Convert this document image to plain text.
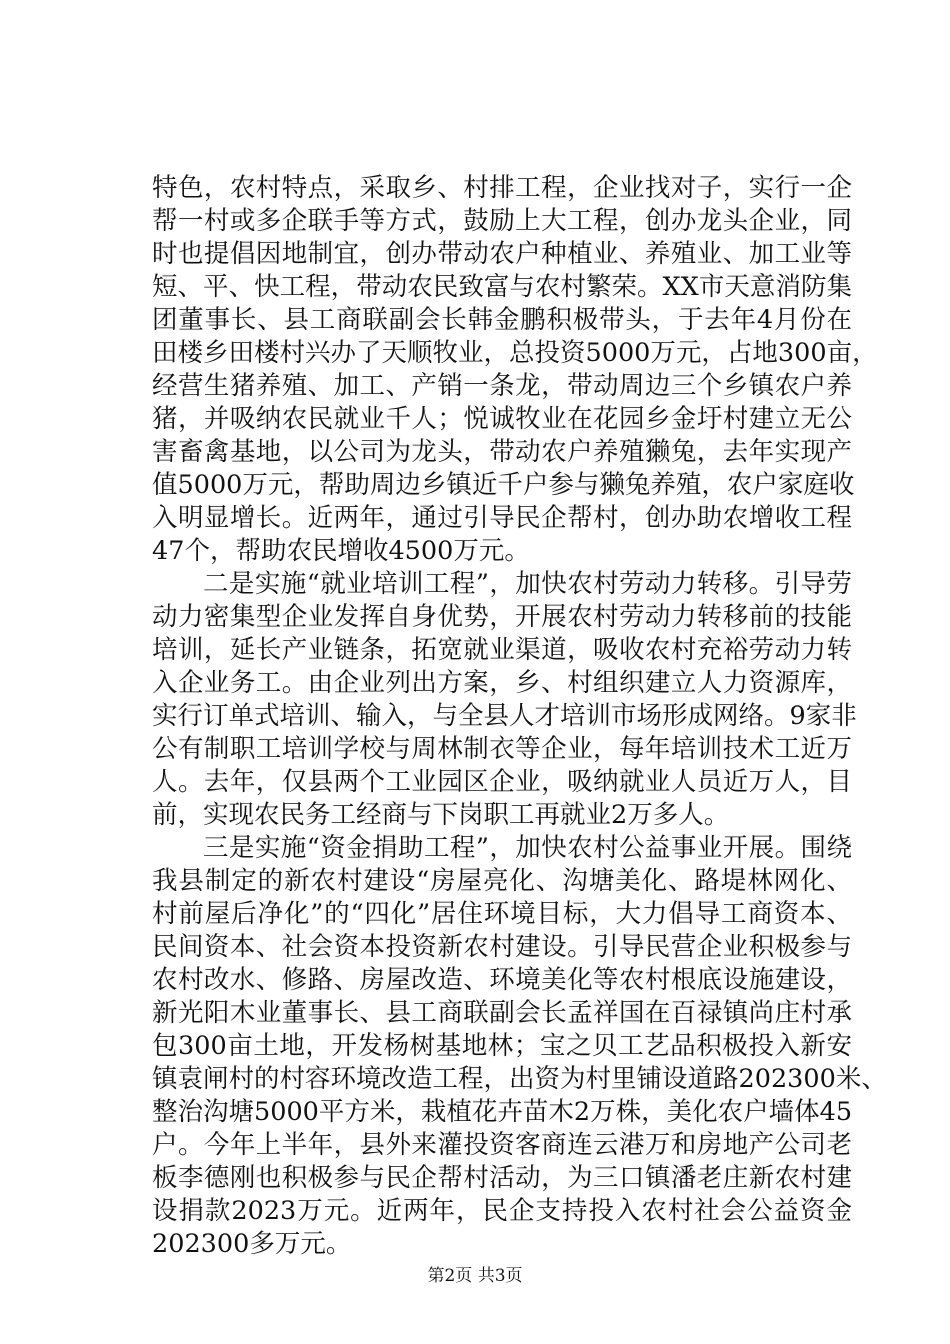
特色，农村特点，采取乡、村排工程，企业找对子，实行一企
帮一村或多企联手等方式，鼓励上大工程，创办龙头企业，同
时也提倡因地制宜，创办带动农户种植业、养殖业、加工业等
短、平、快工程，带动农民致富与农村繁荣。XX市天意消防集
团董事长、县工商联副会长韩金鹏积极带头，于去年4月份在
田楼乡田楼村兴办了天顺牧业，总投资5000万元，占地300亩，
经营生猪养殖、加工、产销一条龙，带动周边三个乡镇农户养
猪，并吸纳农民就业千人；悦诚牧业在花园乡金圩村建立无公
害畜禽基地，以公司为龙头，带动农户养殖獭兔，去年实现产
值5000万元，帮助周边乡镇近千户参与獭兔养殖，农户家庭收
入明显增长。近两年，通过引导民企帮村，创办助农增收工程
47个，帮助农民增收4500万元。
二是实施“就业培训工程”，加快农村劳动力转移。引导劳
动力密集型企业发挥自身优势，开展农村劳动力转移前的技能
培训，延长产业链条，拓宽就业渠道，吸收农村充裕劳动力转
入企业务工。由企业列出方案，乡、村组织建立人力资源库，
实行订单式培训、输入，与全县人才培训市场形成网络。9家非
公有制职工培训学校与周林制衣等企业，每年培训技术工近万
人。去年，仅县两个工业园区企业，吸纳就业人员近万人，目
前，实现农民务工经商与下岗职工再就业2万多人。
三是实施“资金捐助工程”，加快农村公益事业开展。围绕
我县制定的新农村建设“房屋亮化、沟塘美化、路堤林网化、
村前屋后净化”的“四化”居住环境目标，大力倡导工商资本、
民间资本、社会资本投资新农村建设。引导民营企业积极参与
农村改水、修路、房屋改造、环境美化等农村根底设施建设，
新光阳木业董事长、县工商联副会长孟祥国在百禄镇尚庄村承
包300亩土地，开发杨树基地林；宝之贝工艺品积极投入新安
镇袁闸村的村容环境改造工程，出资为村里铺设道路202300米、
整治沟塘5000平方米，栽植花卉苗木2万株，美化农户墙体45
户。今年上半年，县外来灌投资客商连云港万和房地产公司老
板李德刚也积极参与民企帮村活动，为三口镇潘老庄新农村建
设捐款2023万元。近两年，民企支持投入农村社会公益资金
202300多万元。
第2页 共3页
